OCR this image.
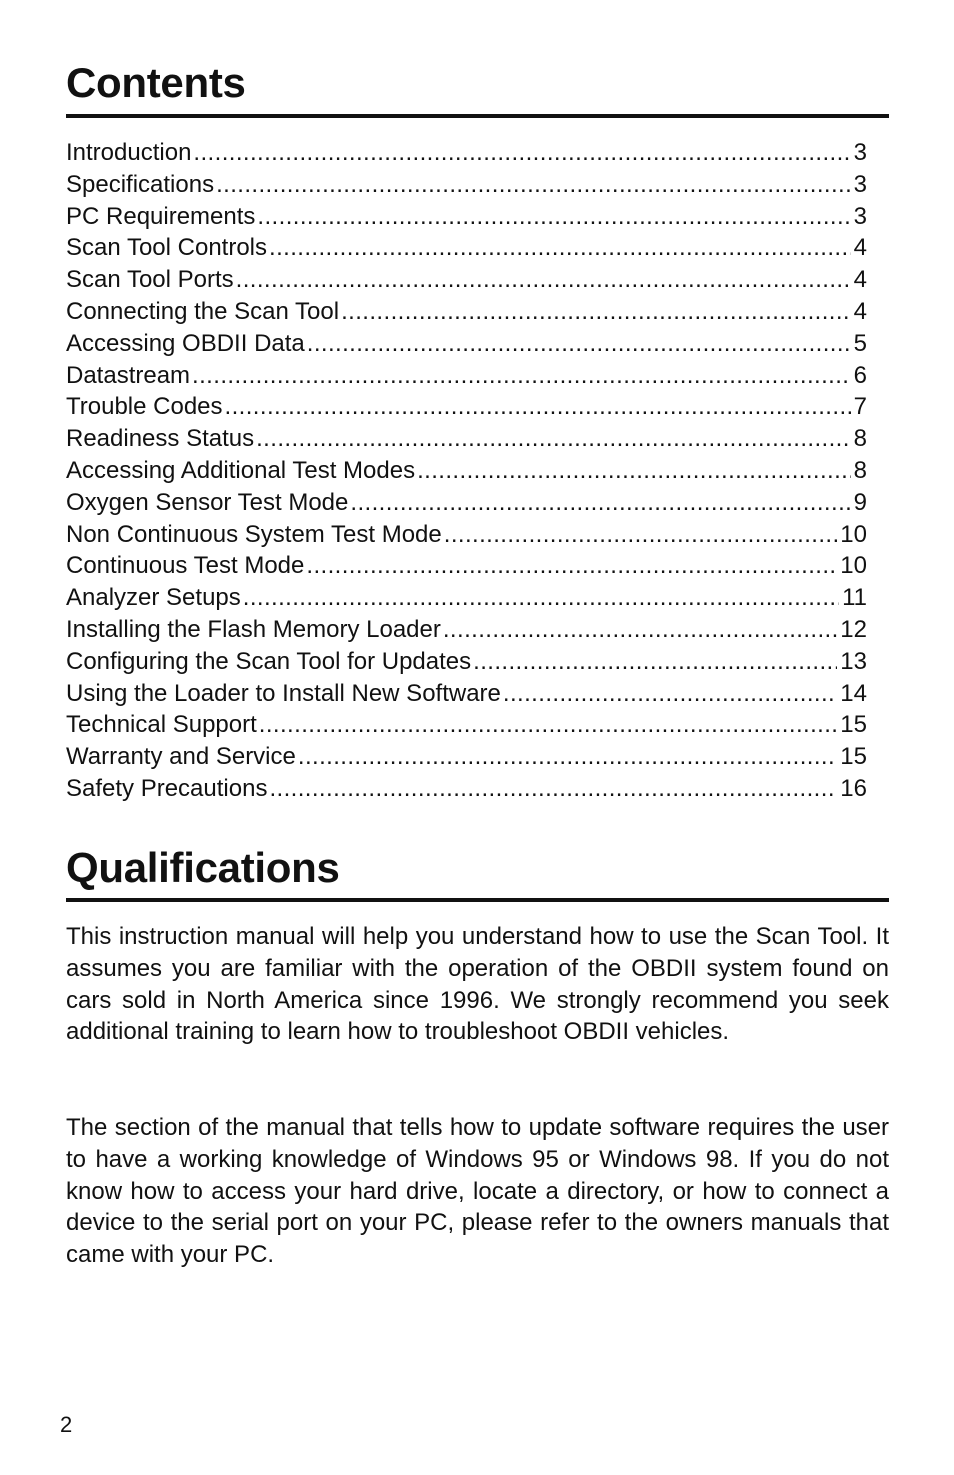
Contents
Introduction .....	3
Specifications .....	3
PC Requirements .....	3
Scan Tool Controls .....	4
Scan Tool Ports .....	4
Connecting the Scan Tool .....	4
Accessing OBDII Data .....	5
Datastream .....	6
Trouble Codes .....	7
Readiness Status .....	8
Accessing Additional Test Modes .....	8
Oxygen Sensor Test Mode .....	9
Non Continuous System Test Mode .....	10
Continuous Test Mode .....	10
Analyzer Setups .....	11
Installing the Flash Memory Loader .....	12
Configuring the Scan Tool for Updates .....	13
Using the Loader to Install New Software .....	14
Technical Support .....	15
Warranty and Service .....	15
Safety Precautions .....	16
Qualifications

This instruction manual will help you understand how to use the Scan Tool. It assumes you are familiar with the operation of the OBDII system found on cars sold in North America since 1996. We strongly recommend you seek additional training to learn how to troubleshoot OBDII vehicles.

The section of the manual that tells how to update software requires the user to have a working knowledge of Windows 95 or Windows 98. If you do not know how to access your hard drive, locate a directory, or how to connect a device to the serial port on your PC, please refer to the owners manuals that came with your PC.

2
